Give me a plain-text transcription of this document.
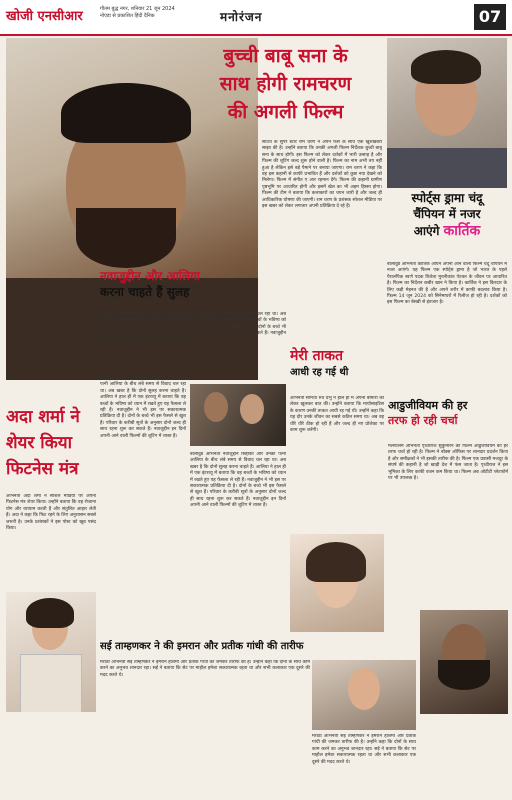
खोजी एनसीआर	गौतम बुद्ध नगर, शनिवार 21 जून 2024
नोएडा से प्रकाशित हिंदी दैनिक	मनोरंजन	07
बुच्ची बाबू सना के
साथ होगी रामचरण
की अगली फिल्म
साउथ के सुपर स्टार राम चरण ने अपने फैंस के साथ एक खुशखबरी साझा की है। उन्होंने बताया कि उनकी अगली फिल्म निर्देशक बुच्ची बाबू सना के साथ होगी। इस फिल्म को लेकर दर्शकों में भारी उत्साह है और फिल्म की शूटिंग जल्द शुरू होने वाली है। फिल्म का नाम अभी तय नहीं हुआ है लेकिन इसे बड़े पैमाने पर बनाया जाएगा। राम चरण ने कहा कि वह इस कहानी से काफी प्रभावित हैं और दर्शकों को कुछ नया देखने को मिलेगा। फिल्म में संगीत ए आर रहमान देंगे। फिल्म की कहानी ग्रामीण पृष्ठभूमि पर आधारित होगी और इसमें खेल का भी अहम हिस्सा होगा। फिल्म की टीम ने बताया कि कलाकारों का चयन जारी है और जल्द ही आधिकारिक घोषणा की जाएगी। राम चरण के प्रशंसक सोशल मीडिया पर इस खबर को लेकर लगातार अपनी प्रतिक्रिया दे रहे हैं।
स्पोर्ट्स ड्रामा चंदू
चैंपियन में नजर
आएंगे कार्तिक
बॉलीवुड अभिनेता कार्तिक आर्यन अपनी आने वाली फिल्म चंदू चैंपियन में नजर आएंगे। यह फिल्म एक स्पोर्ट्स ड्रामा है जो भारत के पहले पैरालंपिक स्वर्ण पदक विजेता मुरलीकांत पेटकर के जीवन पर आधारित है। फिल्म का निर्देशन कबीर खान ने किया है। कार्तिक ने इस किरदार के लिए कड़ी मेहनत की है और अपने शरीर में काफी बदलाव किया है। फिल्म 14 जून 2024 को सिनेमाघरों में रिलीज हो रही है। दर्शकों को इस फिल्म का बेसब्री से इंतजार है।
नवाजुद्दीन और आलिया
करना चाहते हैं सुलह
बॉलीवुड अभिनेता नवाजुद्दीन सिद्दीकी और उनकी पत्नी आलिया के बीच लंबे समय से विवाद चल रहा था। अब खबर है कि दोनों सुलह करना चाहते हैं। आलिया ने हाल ही में एक इंटरव्यू में बताया कि वह बच्चों के भविष्य को ध्यान में रखते हुए यह फैसला ले रही हैं। नवाजुद्दीन ने भी इस पर सकारात्मक प्रतिक्रिया दी है। दोनों के बच्चे भी इस फैसले से खुश हैं। परिवार के करीबी सूत्रों के अनुसार दोनों जल्द ही साथ रहना शुरू कर सकते हैं। नवाजुद्दीन इन दिनों अपनी आने वाली फिल्मों की शूटिंग में व्यस्त हैं।
बॉलीवुड अभिनेता नवाजुद्दीन सिद्दीकी और उनकी पत्नी आलिया के बीच लंबे समय से विवाद चल रहा था। अब खबर है कि दोनों सुलह करना चाहते हैं। आलिया ने हाल ही में एक इंटरव्यू में बताया कि वह बच्चों के भविष्य को ध्यान में रखते हुए यह फैसला ले रही हैं। नवाजुद्दीन ने भी इस पर सकारात्मक प्रतिक्रिया दी है। दोनों के बच्चे भी इस फैसले से खुश हैं। परिवार के करीबी सूत्रों के अनुसार दोनों जल्द ही साथ रहना शुरू कर सकते हैं। नवाजुद्दीन इन दिनों अपनी आने वाली फिल्मों की शूटिंग में व्यस्त हैं।
बॉलीवुड अभिनेता नवाजुद्दीन सिद्दीकी और उनकी पत्नी आलिया के बीच लंबे समय से विवाद चल रहा था। अब खबर है कि दोनों सुलह करना चाहते हैं। आलिया ने हाल ही में एक इंटरव्यू में बताया कि वह बच्चों के भविष्य को ध्यान में रखते हुए यह फैसला ले रही हैं। नवाजुद्दीन ने भी इस पर सकारात्मक प्रतिक्रिया दी है। दोनों के बच्चे भी इस फैसले से खुश हैं। परिवार के करीबी सूत्रों के अनुसार दोनों जल्द ही साथ रहना शुरू कर सकते हैं। नवाजुद्दीन इन दिनों अपनी आने वाली फिल्मों की शूटिंग में व्यस्त हैं।
मेरी ताकत
आधी रह गई थी
अभिनेत्री सामंथा रुथ प्रभु ने हाल ही में अपनी बीमारी को लेकर खुलकर बात की। उन्होंने बताया कि मायोसाइटिस के कारण उनकी ताकत आधी रह गई थी। उन्होंने कहा कि यह दौर उनके जीवन का सबसे कठिन समय था। अब वह धीरे धीरे ठीक हो रही हैं और जल्द ही नए प्रोजेक्ट पर काम शुरू करेंगी।
अदा शर्मा ने
शेयर किया
फिटनेस मंत्र
अभिनेत्री अदा शर्मा ने सोशल मीडिया पर अपना फिटनेस मंत्र शेयर किया। उन्होंने बताया कि वह रोजाना योग और व्यायाम करती हैं और संतुलित आहार लेती हैं। अदा ने कहा कि फिट रहने के लिए अनुशासन सबसे जरूरी है। उनके प्रशंसकों ने इस पोस्ट को खूब पसंद किया।
आडुजीवियम की हर
तरफ हो रही चर्चा
मलयालम अभिनेता पृथ्वीराज सुकुमारन की फिल्म आडुजीवियम की हर तरफ चर्चा हो रही है। फिल्म ने बॉक्स ऑफिस पर शानदार प्रदर्शन किया है और समीक्षकों ने भी इसकी तारीफ की है। फिल्म एक प्रवासी मजदूर के संघर्ष की कहानी है जो खाड़ी देश में फंस जाता है। पृथ्वीराज ने इस भूमिका के लिए काफी वजन कम किया था। फिल्म अब ओटीटी प्लेटफॉर्म पर भी उपलब्ध है।
सई ताम्हणकर ने की इमरान और प्रतीक गांधी की तारीफ
मराठी अभिनेत्री सई ताम्हणकर ने इमरान हाशमी और प्रतीक गांधी की जमकर तारीफ की है। उन्होंने कहा कि दोनों के साथ काम करने का अनुभव शानदार रहा। सई ने बताया कि सेट पर माहौल हमेशा सकारात्मक रहता था और सभी कलाकार एक दूसरे की मदद करते थे।
मराठी अभिनेत्री सई ताम्हणकर ने इमरान हाशमी और प्रतीक गांधी की जमकर तारीफ की है। उन्होंने कहा कि दोनों के साथ काम करने का अनुभव शानदार रहा। सई ने बताया कि सेट पर माहौल हमेशा सकारात्मक रहता था और सभी कलाकार एक दूसरे की मदद करते थे।
